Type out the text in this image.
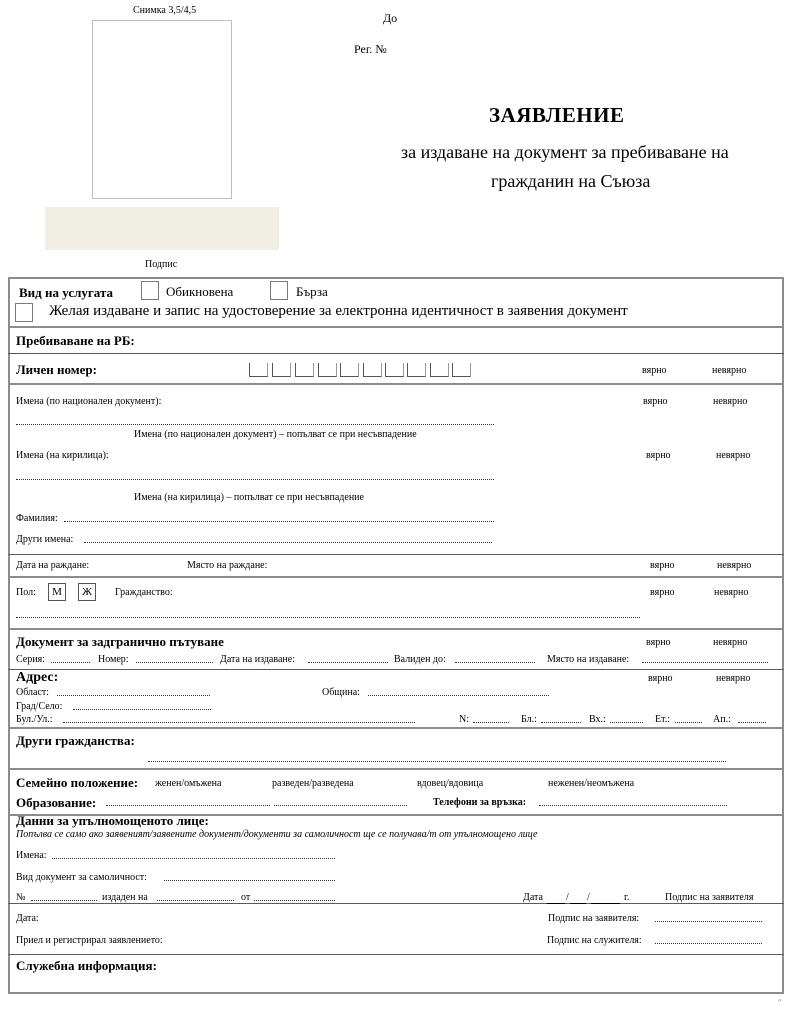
Снимка 3,5/4,5
Подпис
До
Рег. №
ЗАЯВЛЕНИЕ
за издаване на документ за пребиваване на
гражданин на Съюза
Вид на услугата	Обикновена	Бърза
Желая издаване и запис на удостоверение за електронна идентичност в заявения документ
Пребиваване на РБ:
Личен номер:	вярно	невярно
Имена (по национален документ):	вярно	невярно
Имена (по национален документ) – попълват се при несъвпадение
Имена (на кирилица):	вярно	невярно
Имена (на кирилица) – попълват се при несъвпадение
Фамилия:
Други имена:
Дата на раждане:	Място на раждане:	вярно	невярно
Пол:	М	Ж	Гражданство:	вярно	невярно
Документ за задгранично пътуване	вярно	невярно
Серия:	Номер:	Дата на издаване:	Валиден до:	Място на издаване:
Адрес:	вярно	невярно
Област:	Община:
Град/Село:
Бул./Ул.:	N:	Бл.:	Вх.:	Ет.:	Ап.:
Други гражданства:
Семейно положение: женен/омъжена	разведен/разведена	вдовец/вдовица	неженен/неомъжена
Образование:	Телефони за връзка:
Данни за упълномощеното лице:
Попълва се само ако заявеният/заявените документ/документи за самоличност ще се получава/т от упълномощено лице
Имена:
Вид документ за самоличност:
№	издаден на	от	Дата / /	г.	Подпис на заявителя
Дата:	Подпис на заявителя:
Приел и регистрирал заявлението:	Подпис на служителя:
Служебна информация:
"
